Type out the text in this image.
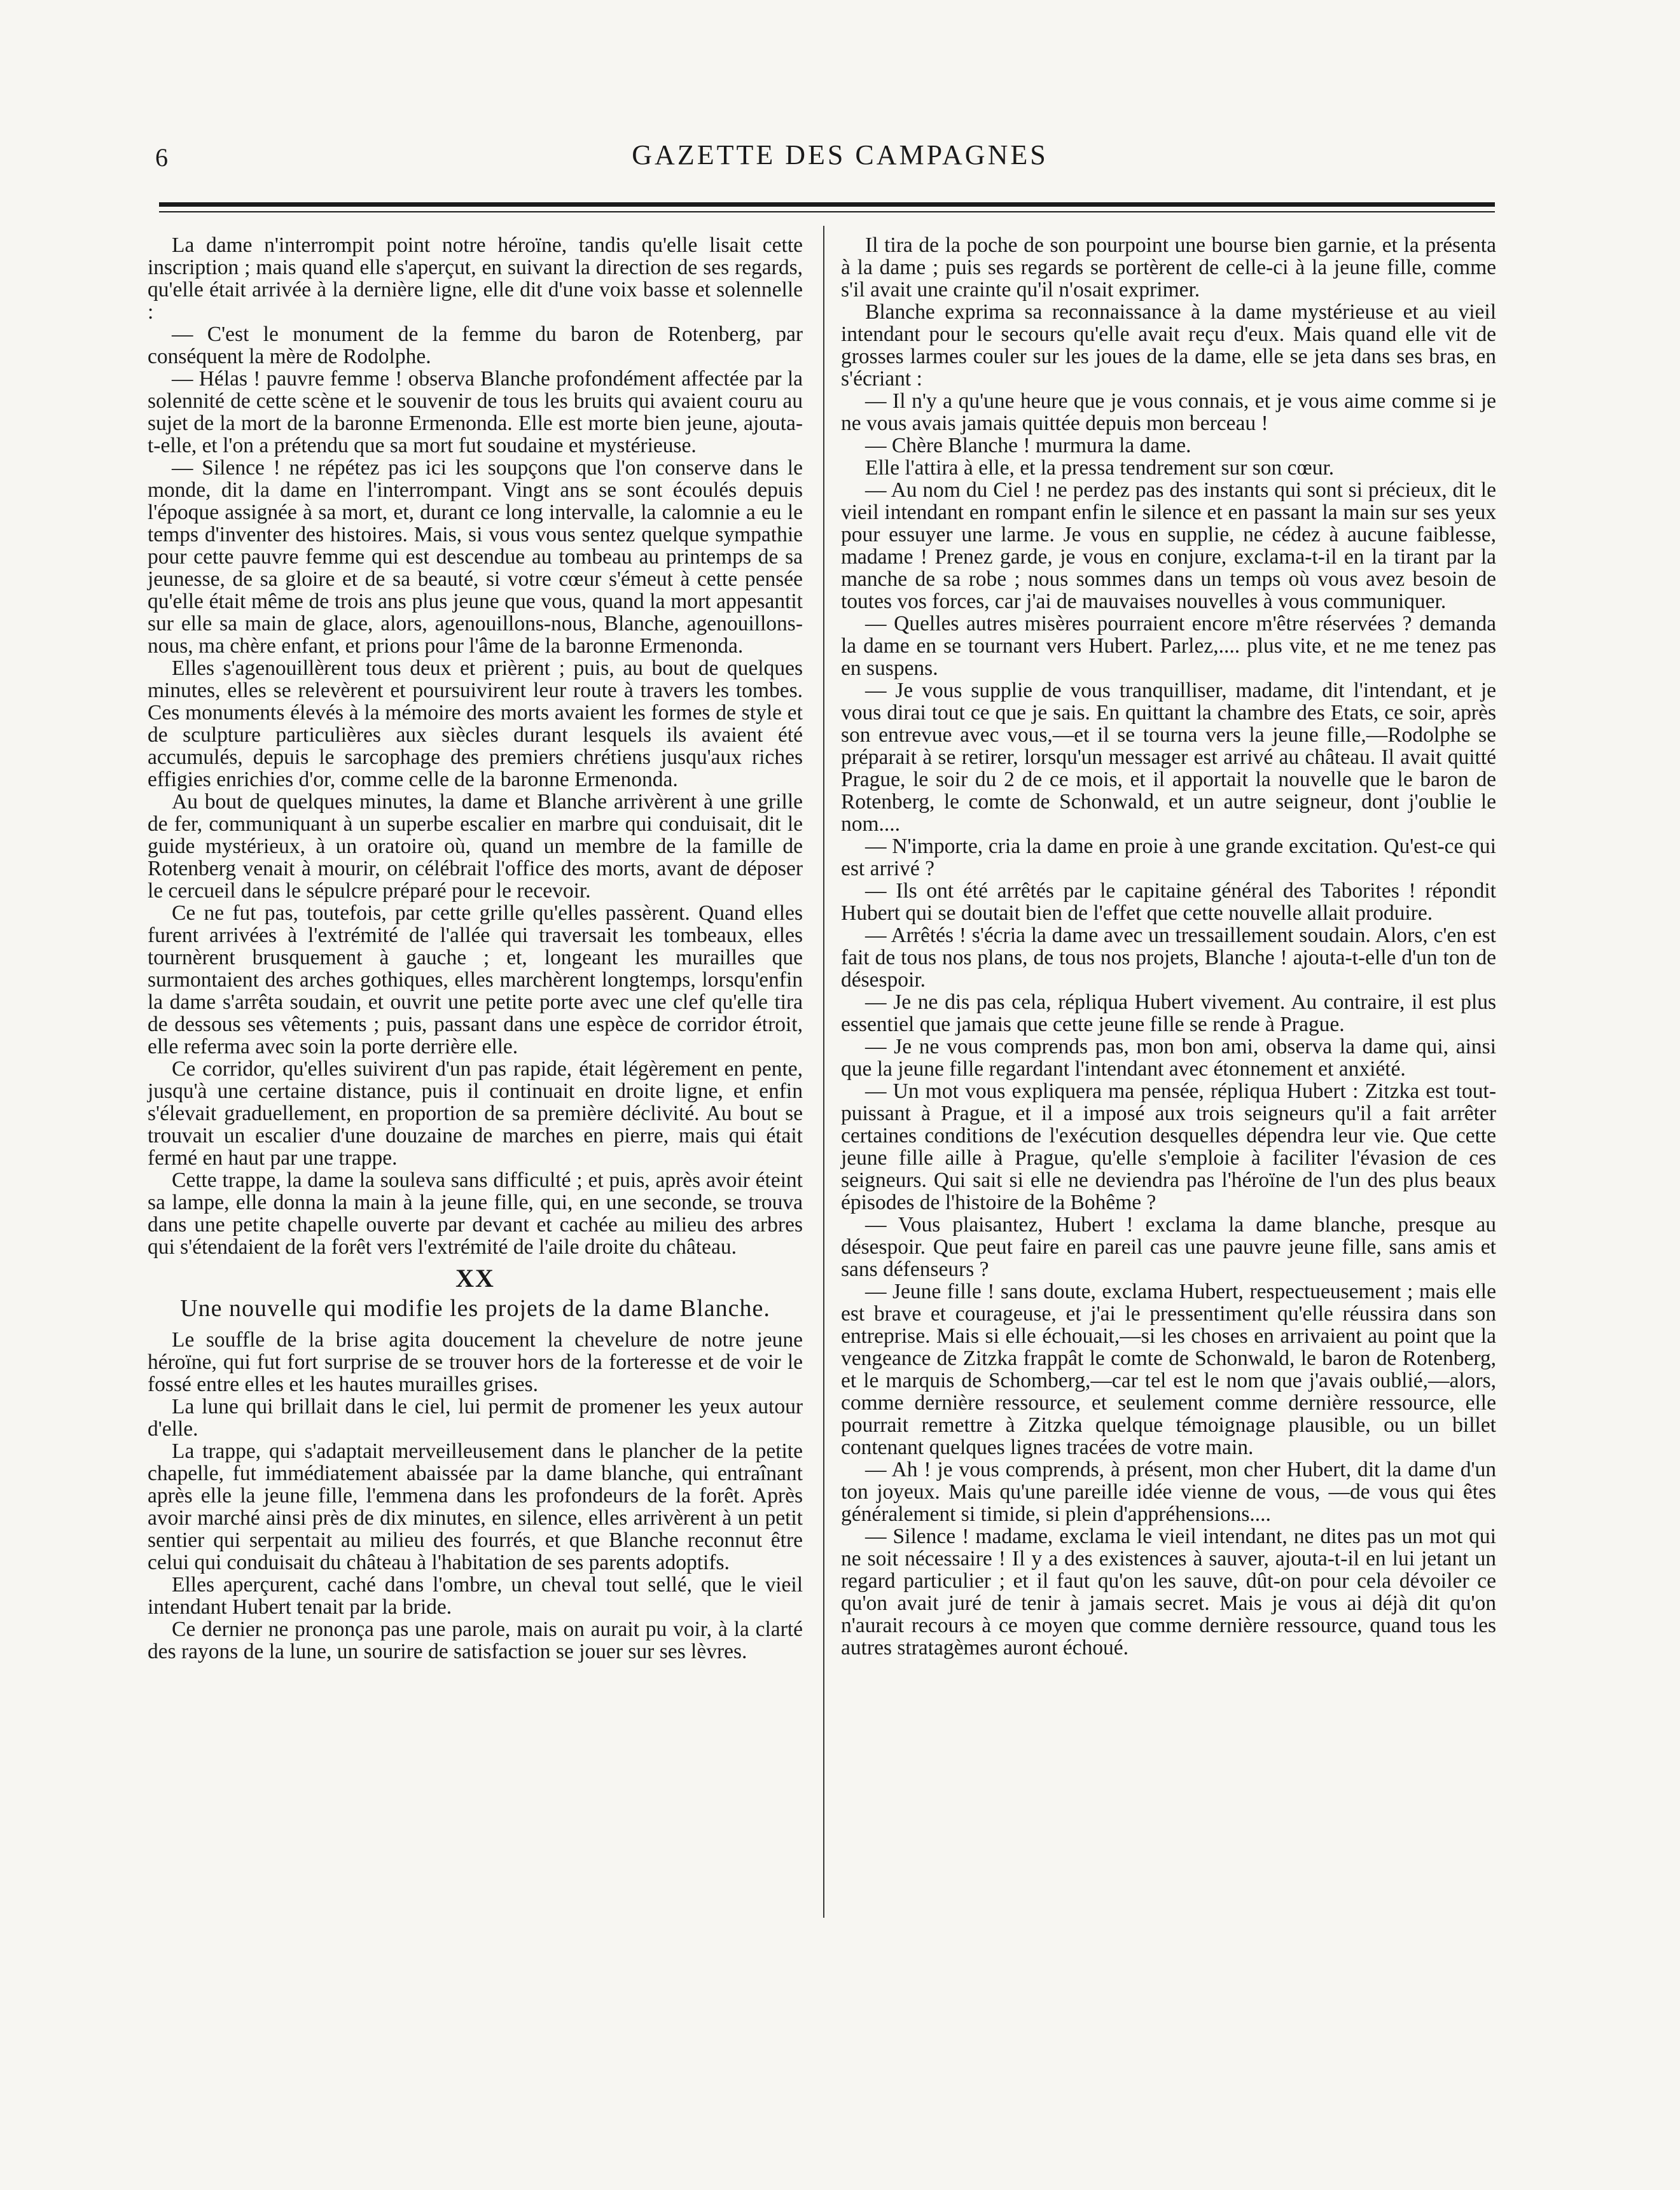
6	GAZETTE DES CAMPAGNES

La dame n'interrompit point notre héroïne, tandis qu'elle lisait cette inscription ; mais quand elle s'aperçut, en suivant la direction de ses regards, qu'elle était arrivée à la dernière ligne, elle dit d'une voix basse et solennelle :

— C'est le monument de la femme du baron de Rotenberg, par conséquent la mère de Rodolphe.

— Hélas ! pauvre femme ! observa Blanche profondément affectée par la solennité de cette scène et le souvenir de tous les bruits qui avaient couru au sujet de la mort de la baronne Ermenonda. Elle est morte bien jeune, ajouta-t-elle, et l'on a prétendu que sa mort fut soudaine et mystérieuse.

— Silence ! ne répétez pas ici les soupçons que l'on conserve dans le monde, dit la dame en l'interrompant. Vingt ans se sont écoulés depuis l'époque assignée à sa mort, et, durant ce long intervalle, la calomnie a eu le temps d'inventer des histoires. Mais, si vous vous sentez quelque sympathie pour cette pauvre femme qui est descendue au tombeau au printemps de sa jeunesse, de sa gloire et de sa beauté, si votre cœur s'émeut à cette pensée qu'elle était même de trois ans plus jeune que vous, quand la mort appesantit sur elle sa main de glace, alors, agenouillons-nous, Blanche, agenouillons-nous, ma chère enfant, et prions pour l'âme de la baronne Ermenonda.

Elles s'agenouillèrent tous deux et prièrent ; puis, au bout de quelques minutes, elles se relevèrent et poursuivirent leur route à travers les tombes. Ces monuments élevés à la mémoire des morts avaient les formes de style et de sculpture particulières aux siècles durant lesquels ils avaient été accumulés, depuis le sarcophage des premiers chrétiens jusqu'aux riches effigies enrichies d'or, comme celle de la baronne Ermenonda.

Au bout de quelques minutes, la dame et Blanche arrivèrent à une grille de fer, communiquant à un superbe escalier en marbre qui conduisait, dit le guide mystérieux, à un oratoire où, quand un membre de la famille de Rotenberg venait à mourir, on célébrait l'office des morts, avant de déposer le cercueil dans le sépulcre préparé pour le recevoir.

Ce ne fut pas, toutefois, par cette grille qu'elles passèrent. Quand elles furent arrivées à l'extrémité de l'allée qui traversait les tombeaux, elles tournèrent brusquement à gauche ; et, longeant les murailles que surmontaient des arches gothiques, elles marchèrent longtemps, lorsqu'enfin la dame s'arrêta soudain, et ouvrit une petite porte avec une clef qu'elle tira de dessous ses vêtements ; puis, passant dans une espèce de corridor étroit, elle referma avec soin la porte derrière elle.

Ce corridor, qu'elles suivirent d'un pas rapide, était légèrement en pente, jusqu'à une certaine distance, puis il continuait en droite ligne, et enfin s'élevait graduellement, en proportion de sa première déclivité. Au bout se trouvait un escalier d'une douzaine de marches en pierre, mais qui était fermé en haut par une trappe.

Cette trappe, la dame la souleva sans difficulté ; et puis, après avoir éteint sa lampe, elle donna la main à la jeune fille, qui, en une seconde, se trouva dans une petite chapelle ouverte par devant et cachée au milieu des arbres qui s'étendaient de la forêt vers l'extrémité de l'aile droite du château.

XX
Une nouvelle qui modifie les projets de la dame Blanche.

Le souffle de la brise agita doucement la chevelure de notre jeune héroïne, qui fut fort surprise de se trouver hors de la forteresse et de voir le fossé entre elles et les hautes murailles grises.

La lune qui brillait dans le ciel, lui permit de promener les yeux autour d'elle.

La trappe, qui s'adaptait merveilleusement dans le plancher de la petite chapelle, fut immédiatement abaissée par la dame blanche, qui entraînant après elle la jeune fille, l'emmena dans les profondeurs de la forêt. Après avoir marché ainsi près de dix minutes, en silence, elles arrivèrent à un petit sentier qui serpentait au milieu des fourrés, et que Blanche reconnut être celui qui conduisait du château à l'habitation de ses parents adoptifs.

Elles aperçurent, caché dans l'ombre, un cheval tout sellé, que le vieil intendant Hubert tenait par la bride.

Ce dernier ne prononça pas une parole, mais on aurait pu voir, à la clarté des rayons de la lune, un sourire de satisfaction se jouer sur ses lèvres.

Il tira de la poche de son pourpoint une bourse bien garnie, et la présenta à la dame ; puis ses regards se portèrent de celle-ci à la jeune fille, comme s'il avait une crainte qu'il n'osait exprimer.

Blanche exprima sa reconnaissance à la dame mystérieuse et au vieil intendant pour le secours qu'elle avait reçu d'eux. Mais quand elle vit de grosses larmes couler sur les joues de la dame, elle se jeta dans ses bras, en s'écriant :

— Il n'y a qu'une heure que je vous connais, et je vous aime comme si je ne vous avais jamais quittée depuis mon berceau !

— Chère Blanche ! murmura la dame.

Elle l'attira à elle, et la pressa tendrement sur son cœur.

— Au nom du Ciel ! ne perdez pas des instants qui sont si précieux, dit le vieil intendant en rompant enfin le silence et en passant la main sur ses yeux pour essuyer une larme. Je vous en supplie, ne cédez à aucune faiblesse, madame ! Prenez garde, je vous en conjure, exclama-t-il en la tirant par la manche de sa robe ; nous sommes dans un temps où vous avez besoin de toutes vos forces, car j'ai de mauvaises nouvelles à vous communiquer.

— Quelles autres misères pourraient encore m'être réservées ? demanda la dame en se tournant vers Hubert. Parlez,.... plus vite, et ne me tenez pas en suspens.

— Je vous supplie de vous tranquilliser, madame, dit l'intendant, et je vous dirai tout ce que je sais. En quittant la chambre des Etats, ce soir, après son entrevue avec vous,—et il se tourna vers la jeune fille,—Rodolphe se préparait à se retirer, lorsqu'un messager est arrivé au château. Il avait quitté Prague, le soir du 2 de ce mois, et il apportait la nouvelle que le baron de Rotenberg, le comte de Schonwald, et un autre seigneur, dont j'oublie le nom....

— N'importe, cria la dame en proie à une grande excitation. Qu'est-ce qui est arrivé ?

— Ils ont été arrêtés par le capitaine général des Taborites ! répondit Hubert qui se doutait bien de l'effet que cette nouvelle allait produire.

— Arrêtés ! s'écria la dame avec un tressaillement soudain. Alors, c'en est fait de tous nos plans, de tous nos projets, Blanche ! ajouta-t-elle d'un ton de désespoir.

— Je ne dis pas cela, répliqua Hubert vivement. Au contraire, il est plus essentiel que jamais que cette jeune fille se rende à Prague.

— Je ne vous comprends pas, mon bon ami, observa la dame qui, ainsi que la jeune fille regardant l'intendant avec étonnement et anxiété.

— Un mot vous expliquera ma pensée, répliqua Hubert : Zitzka est tout-puissant à Prague, et il a imposé aux trois seigneurs qu'il a fait arrêter certaines conditions de l'exécution desquelles dépendra leur vie. Que cette jeune fille aille à Prague, qu'elle s'emploie à faciliter l'évasion de ces seigneurs. Qui sait si elle ne deviendra pas l'héroïne de l'un des plus beaux épisodes de l'histoire de la Bohême ?

— Vous plaisantez, Hubert ! exclama la dame blanche, presque au désespoir. Que peut faire en pareil cas une pauvre jeune fille, sans amis et sans défenseurs ?

— Jeune fille ! sans doute, exclama Hubert, respectueusement ; mais elle est brave et courageuse, et j'ai le pressentiment qu'elle réussira dans son entreprise. Mais si elle échouait,—si les choses en arrivaient au point que la vengeance de Zitzka frappât le comte de Schonwald, le baron de Rotenberg, et le marquis de Schomberg,—car tel est le nom que j'avais oublié,—alors, comme dernière ressource, et seulement comme dernière ressource, elle pourrait remettre à Zitzka quelque témoignage plausible, ou un billet contenant quelques lignes tracées de votre main.

— Ah ! je vous comprends, à présent, mon cher Hubert, dit la dame d'un ton joyeux. Mais qu'une pareille idée vienne de vous, —de vous qui êtes généralement si timide, si plein d'appréhensions....

— Silence ! madame, exclama le vieil intendant, ne dites pas un mot qui ne soit nécessaire ! Il y a des existences à sauver, ajouta-t-il en lui jetant un regard particulier ; et il faut qu'on les sauve, dût-on pour cela dévoiler ce qu'on avait juré de tenir à jamais secret. Mais je vous ai déjà dit qu'on n'aurait recours à ce moyen que comme dernière ressource, quand tous les autres stratagèmes auront échoué.
